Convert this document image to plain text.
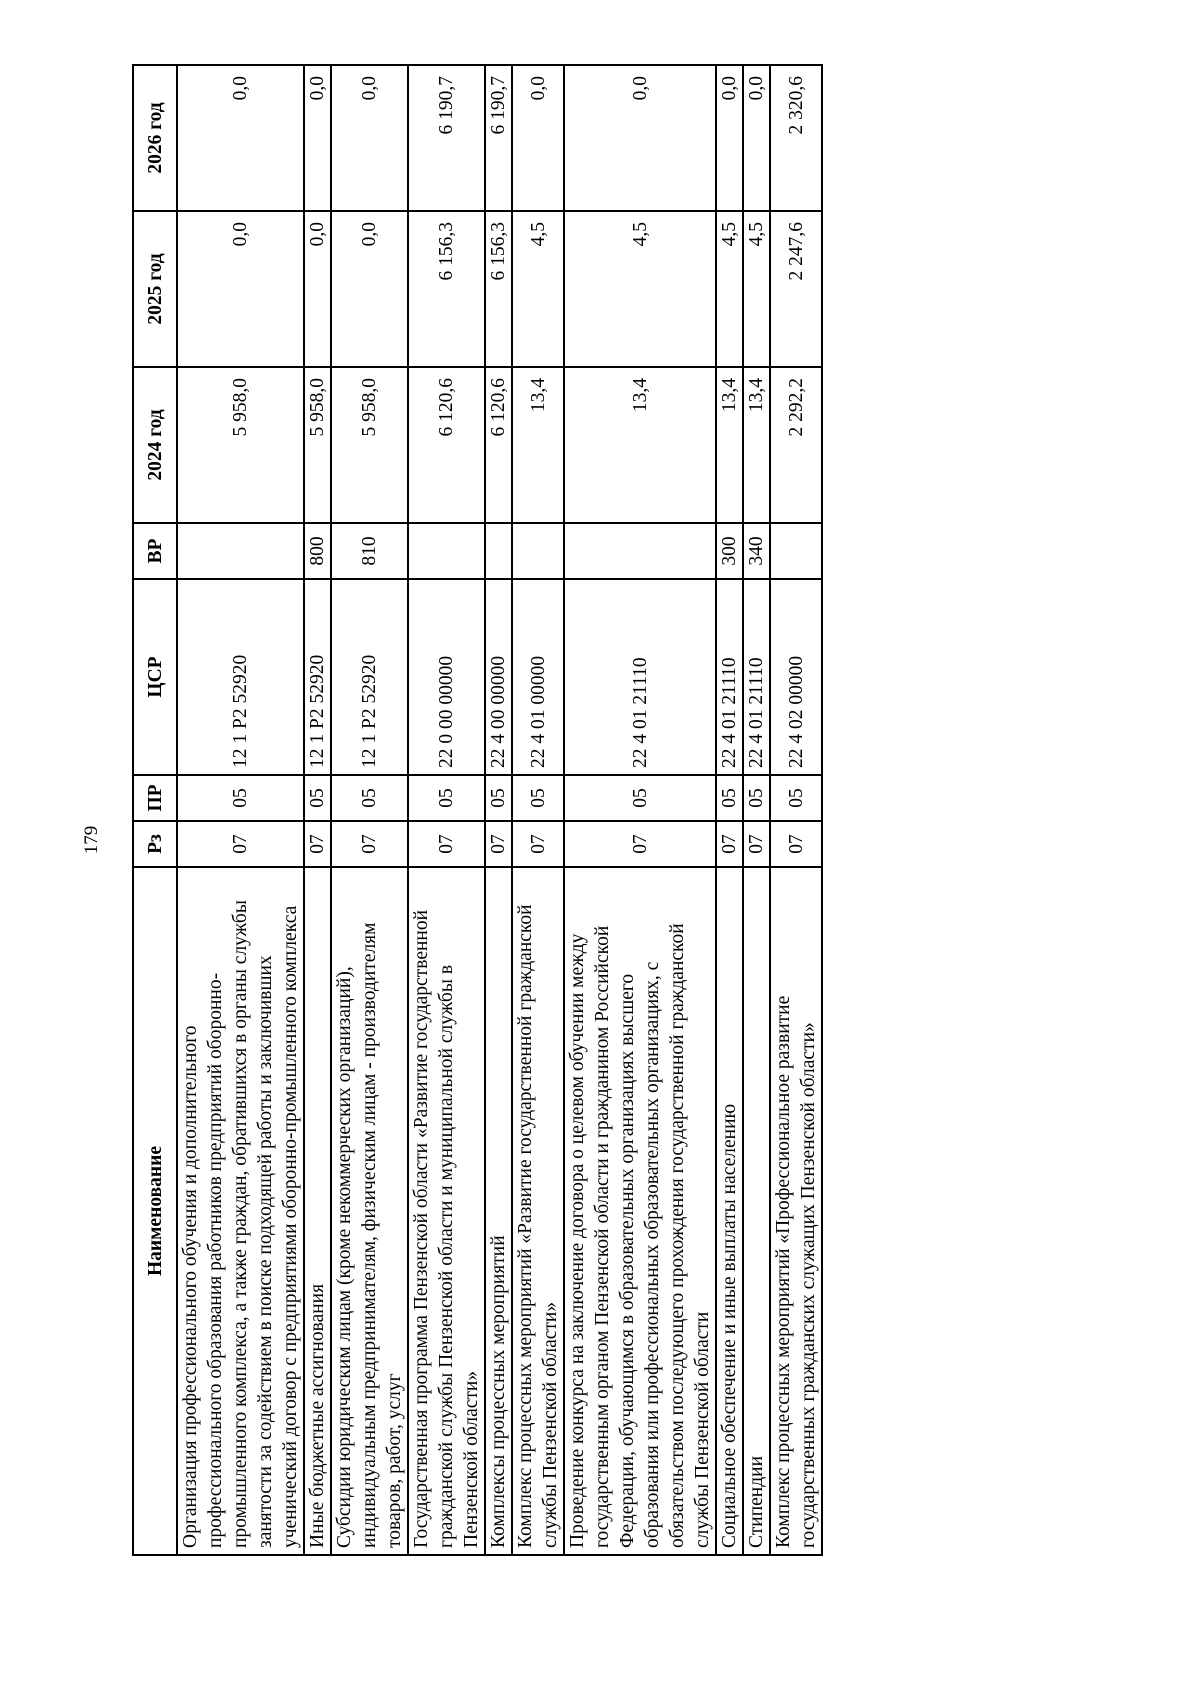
179
Наименование	Рз	ПР	ЦСР	ВР	2024 год	2025 год	2026 год
Организация профессионального обучения и дополнительного профессионального образования работников предприятий оборонно-промышленного комплекса, а также граждан, обратившихся в органы службы занятости за содействием в поиске подходящей работы и заключивших ученический договор с предприятиями оборонно-промышленного комплекса	07	05	12 1 P2 52920		5 958,0	0,0	0,0
Иные бюджетные ассигнования	07	05	12 1 P2 52920	800	5 958,0	0,0	0,0
Субсидии юридическим лицам (кроме некоммерческих организаций), индивидуальным предпринимателям, физическим лицам - производителям товаров, работ, услуг	07	05	12 1 P2 52920	810	5 958,0	0,0	0,0
Государственная программа Пензенской области «Развитие государственной гражданской службы Пензенской области и муниципальной службы в Пензенской области»	07	05	22 0 00 00000		6 120,6	6 156,3	6 190,7
Комплексы процессных мероприятий	07	05	22 4 00 00000		6 120,6	6 156,3	6 190,7
Комплекс процессных мероприятий «Развитие государственной гражданской службы Пензенской области»	07	05	22 4 01 00000		13,4	4,5	0,0
Проведение конкурса на заключение договора о целевом обучении между государственным органом Пензенской области и гражданином Российской Федерации, обучающимся в образовательных организациях высшего образования или профессиональных образовательных организациях, с обязательством последующего прохождения государственной гражданской службы Пензенской области	07	05	22 4 01 21110		13,4	4,5	0,0
Социальное обеспечение и иные выплаты населению	07	05	22 4 01 21110	300	13,4	4,5	0,0
Стипендии	07	05	22 4 01 21110	340	13,4	4,5	0,0
Комплекс процессных мероприятий «Профессиональное развитие государственных гражданских служащих Пензенской области»	07	05	22 4 02 00000		2 292,2	2 247,6	2 320,6
